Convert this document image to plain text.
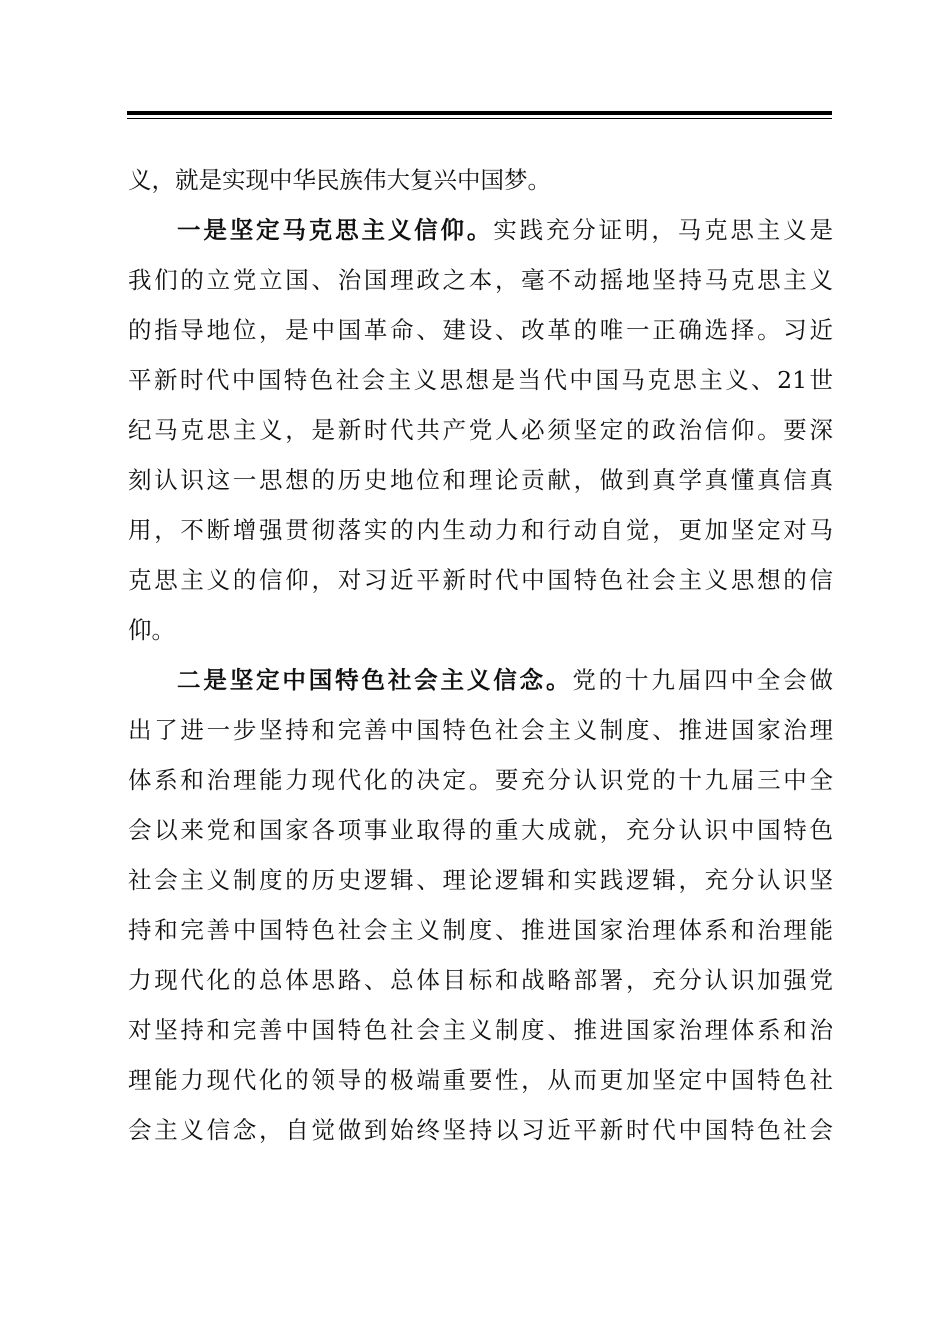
义，就是实现中华民族伟大复兴中国梦。
一是坚定马克思主义信仰。实践充分证明，马克思主义是
我们的立党立国、治国理政之本，毫不动摇地坚持马克思主义
的指导地位，是中国革命、建设、改革的唯一正确选择。习近
平新时代中国特色社会主义思想是当代中国马克思主义、21世
纪马克思主义，是新时代共产党人必须坚定的政治信仰。要深
刻认识这一思想的历史地位和理论贡献，做到真学真懂真信真
用，不断增强贯彻落实的内生动力和行动自觉，更加坚定对马
克思主义的信仰，对习近平新时代中国特色社会主义思想的信
仰。
二是坚定中国特色社会主义信念。党的十九届四中全会做
出了进一步坚持和完善中国特色社会主义制度、推进国家治理
体系和治理能力现代化的决定。要充分认识党的十九届三中全
会以来党和国家各项事业取得的重大成就，充分认识中国特色
社会主义制度的历史逻辑、理论逻辑和实践逻辑，充分认识坚
持和完善中国特色社会主义制度、推进国家治理体系和治理能
力现代化的总体思路、总体目标和战略部署，充分认识加强党
对坚持和完善中国特色社会主义制度、推进国家治理体系和治
理能力现代化的领导的极端重要性，从而更加坚定中国特色社
会主义信念，自觉做到始终坚持以习近平新时代中国特色社会
